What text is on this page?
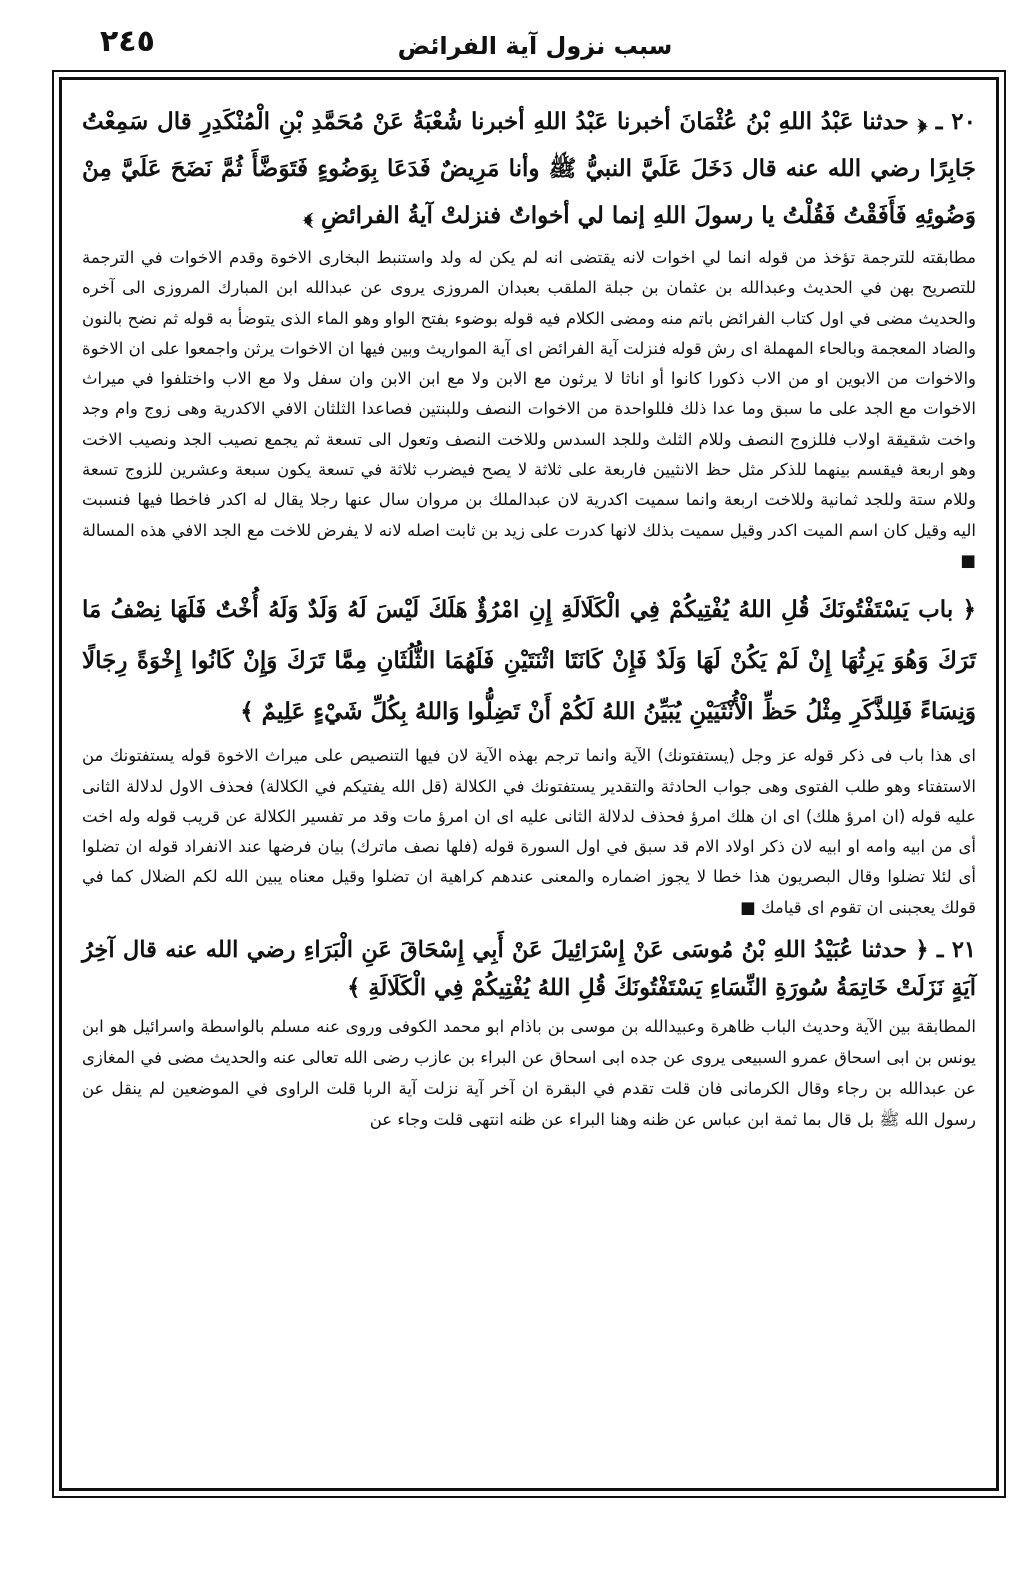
٢٤٥	سبب نزول آية الفرائض

٢٠ ـ ﴿ حدثنا عَبْدُ اللهِ بْنُ عُثْمَانَ أخبرنا عَبْدُ اللهِ أخبرنا شُعْبَةُ عَنْ مُحَمَّدِ بْنِ الْمُنْكَدِرِ قال سَمِعْتُ جَابِرًا رضي الله عنه قال دَخَلَ عَلَيَّ النبيُّ ﷺ وأنا مَرِيضٌ فَدَعَا بِوَضُوءٍ فَتَوَضَّأَ ثُمَّ نَضَحَ عَلَيَّ مِنْ وَضُوئِهِ فَأَفَقْتُ فَقُلْتُ يا رسولَ اللهِ إنما لي أخواتٌ فنزلتْ آيةُ الفرائضِ ﴾

مطابقته للترجمة تؤخذ من قوله انما لي اخوات لانه يقتضى انه لم يكن له ولد واستنبط البخارى الاخوة وقدم الاخوات في الترجمة للتصريح بهن في الحديث وعبدالله بن عثمان بن جبلة الملقب بعبدان المروزى يروى عن عبدالله ابن المبارك المروزى الى آخره والحديث مضى في اول كتاب الفرائض باتم منه ومضى الكلام فيه قوله بوضوء بفتح الواو وهو الماء الذى يتوضأ به قوله ثم نضح بالنون والضاد المعجمة وبالحاء المهملة اى رش قوله فنزلت آية الفرائض اى آية المواريث وبين فيها ان الاخوات يرثن واجمعوا على ان الاخوة والاخوات من الابوين او من الاب ذكورا كانوا أو اناثا لا يرثون مع الابن ولا مع ابن الابن وان سفل ولا مع الاب واختلفوا في ميراث الاخوات مع الجد على ما سبق وما عدا ذلك فللواحدة من الاخوات النصف وللبنتين فصاعدا الثلثان الافي الاكدرية وهى زوج وام وجد واخت شقيقة اولاب فللزوج النصف وللام الثلث وللجد السدس وللاخت النصف وتعول الى تسعة ثم يجمع نصيب الجد ونصيب الاخت وهو اربعة فيقسم بينهما للذكر مثل حظ الانثيين فاربعة على ثلاثة لا يصح فيضرب ثلاثة في تسعة يكون سبعة وعشرين للزوج تسعة وللام ستة وللجد ثمانية وللاخت اربعة وانما سميت اكدرية لان عبدالملك بن مروان سال عنها رجلا يقال له اكدر فاخطا فيها فنسبت اليه وقيل كان اسم الميت اكدر وقيل سميت بذلك لانها كدرت على زيد بن ثابت اصله لانه لا يفرض للاخت مع الجد الافي هذه المسالة ■

﴿ باب يَسْتَفْتُونَكَ قُلِ اللهُ يُفْتِيكُمْ فِي الْكَلَالَةِ إِنِ امْرُؤٌ هَلَكَ لَيْسَ لَهُ وَلَدٌ وَلَهُ أُخْتٌ فَلَهَا نِصْفُ مَا تَرَكَ وَهُوَ يَرِثُهَا إِنْ لَمْ يَكُنْ لَهَا وَلَدٌ فَإِنْ كَانَتَا اثْنَتَيْنِ فَلَهُمَا الثُّلُثَانِ مِمَّا تَرَكَ وَإِنْ كَانُوا إِخْوَةً رِجَالًا وَنِسَاءً فَلِلذَّكَرِ مِثْلُ حَظِّ الْأُنْثَيَيْنِ يُبَيِّنُ اللهُ لَكُمْ أَنْ تَضِلُّوا وَاللهُ بِكُلِّ شَيْءٍ عَلِيمٌ ﴾

اى هذا باب فى ذكر قوله عز وجل (يستفتونك) الآية وانما ترجم بهذه الآية لان فيها التنصيص على ميراث الاخوة قوله يستفتونك من الاستفتاء وهو طلب الفتوى وهى جواب الحادثة والتقدير يستفتونك في الكلالة (قل الله يفتيكم في الكلالة) فحذف الاول لدلالة الثانى عليه قوله (ان امرؤ هلك) اى ان هلك امرؤ فحذف لدلالة الثانى عليه اى ان امرؤ مات وقد مر تفسير الكلالة عن قريب قوله وله اخت أى من ابيه وامه او ابيه لان ذكر اولاد الام قد سبق في اول السورة قوله (فلها نصف ماترك) بيان فرضها عند الانفراد قوله ان تضلوا أى لئلا تضلوا وقال البصريون هذا خطا لا يجوز اضماره والمعنى عندهم كراهية ان تضلوا وقيل معناه يبين الله لكم الضلال كما في قولك يعجبنى ان تقوم اى قيامك ■

٢١ ـ ﴿ حدثنا عُبَيْدُ اللهِ بْنُ مُوسَى عَنْ إِسْرَائِيلَ عَنْ أَبِي إِسْحَاقَ عَنِ الْبَرَاءِ رضي الله عنه قال آخِرُ آيَةٍ نَزَلَتْ خَاتِمَةُ سُورَةِ النِّسَاءِ يَسْتَفْتُونَكَ قُلِ اللهُ يُفْتِيكُمْ فِي الْكَلَالَةِ ﴾

المطابقة بين الآية وحديث الباب ظاهرة وعبيدالله بن موسى بن باذام ابو محمد الكوفى وروى عنه مسلم بالواسطة واسرائيل هو ابن يونس بن ابى اسحاق عمرو السبيعى يروى عن جده ابى اسحاق عن البراء بن عازب رضى الله تعالى عنه والحديث مضى في المغازى عن عبدالله بن رجاء وقال الكرمانى فان قلت تقدم في البقرة ان آخر آية نزلت آية الربا قلت الراوى في الموضعين لم ينقل عن رسول الله ﷺ بل قال بما ثمة ابن عباس عن ظنه وهنا البراء عن ظنه انتهى قلت وجاء عن
